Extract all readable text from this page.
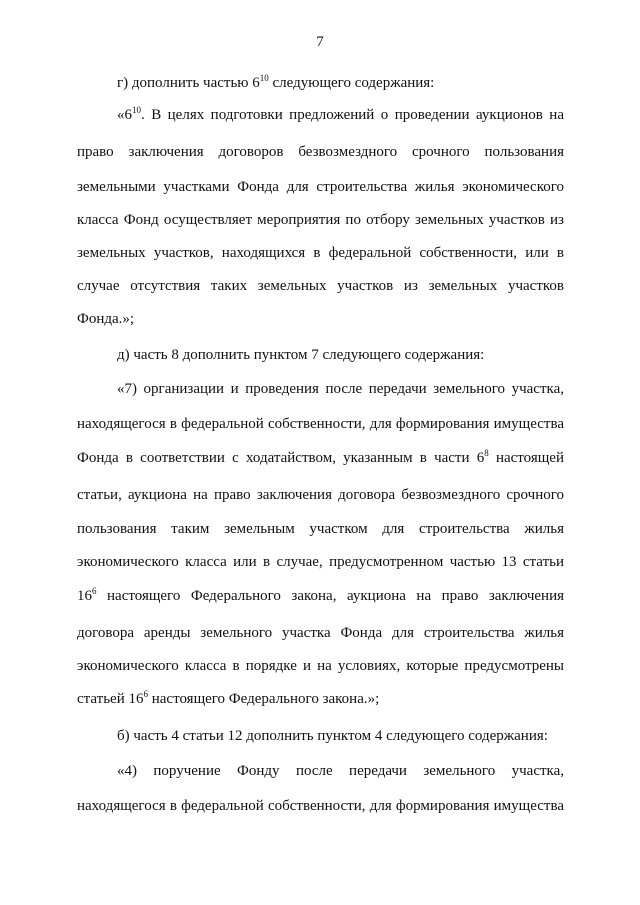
7
г) дополнить частью $6^{10}$ следующего содержания:
«$6^{10}$. В целях подготовки предложений о проведении аукционов на
право заключения договоров безвозмездного срочного пользования
земельными участками Фонда для строительства жилья экономического
класса Фонд осуществляет мероприятия по отбору земельных участков из
земельных участков, находящихся в федеральной собственности, или в
случае отсутствия таких земельных участков из земельных участков
Фонда.»;
д) часть 8 дополнить пунктом 7 следующего содержания:
«7) организации и проведения после передачи земельного участка,
находящегося в федеральной собственности, для формирования имущества
Фонда в соответствии с ходатайством, указанным в части $6^8$ настоящей
статьи, аукциона на право заключения договора безвозмездного срочного
пользования таким земельным участком для строительства жилья
экономического класса или в случае, предусмотренном частью 13 статьи
$16^6$ настоящего Федерального закона, аукциона на право заключения
договора аренды земельного участка Фонда для строительства жилья
экономического класса в порядке и на условиях, которые предусмотрены
статьей $16^6$ настоящего Федерального закона.»;
б) часть 4 статьи 12 дополнить пунктом 4 следующего содержания:
«4) поручение Фонду после передачи земельного участка,
находящегося в федеральной собственности, для формирования имущества
